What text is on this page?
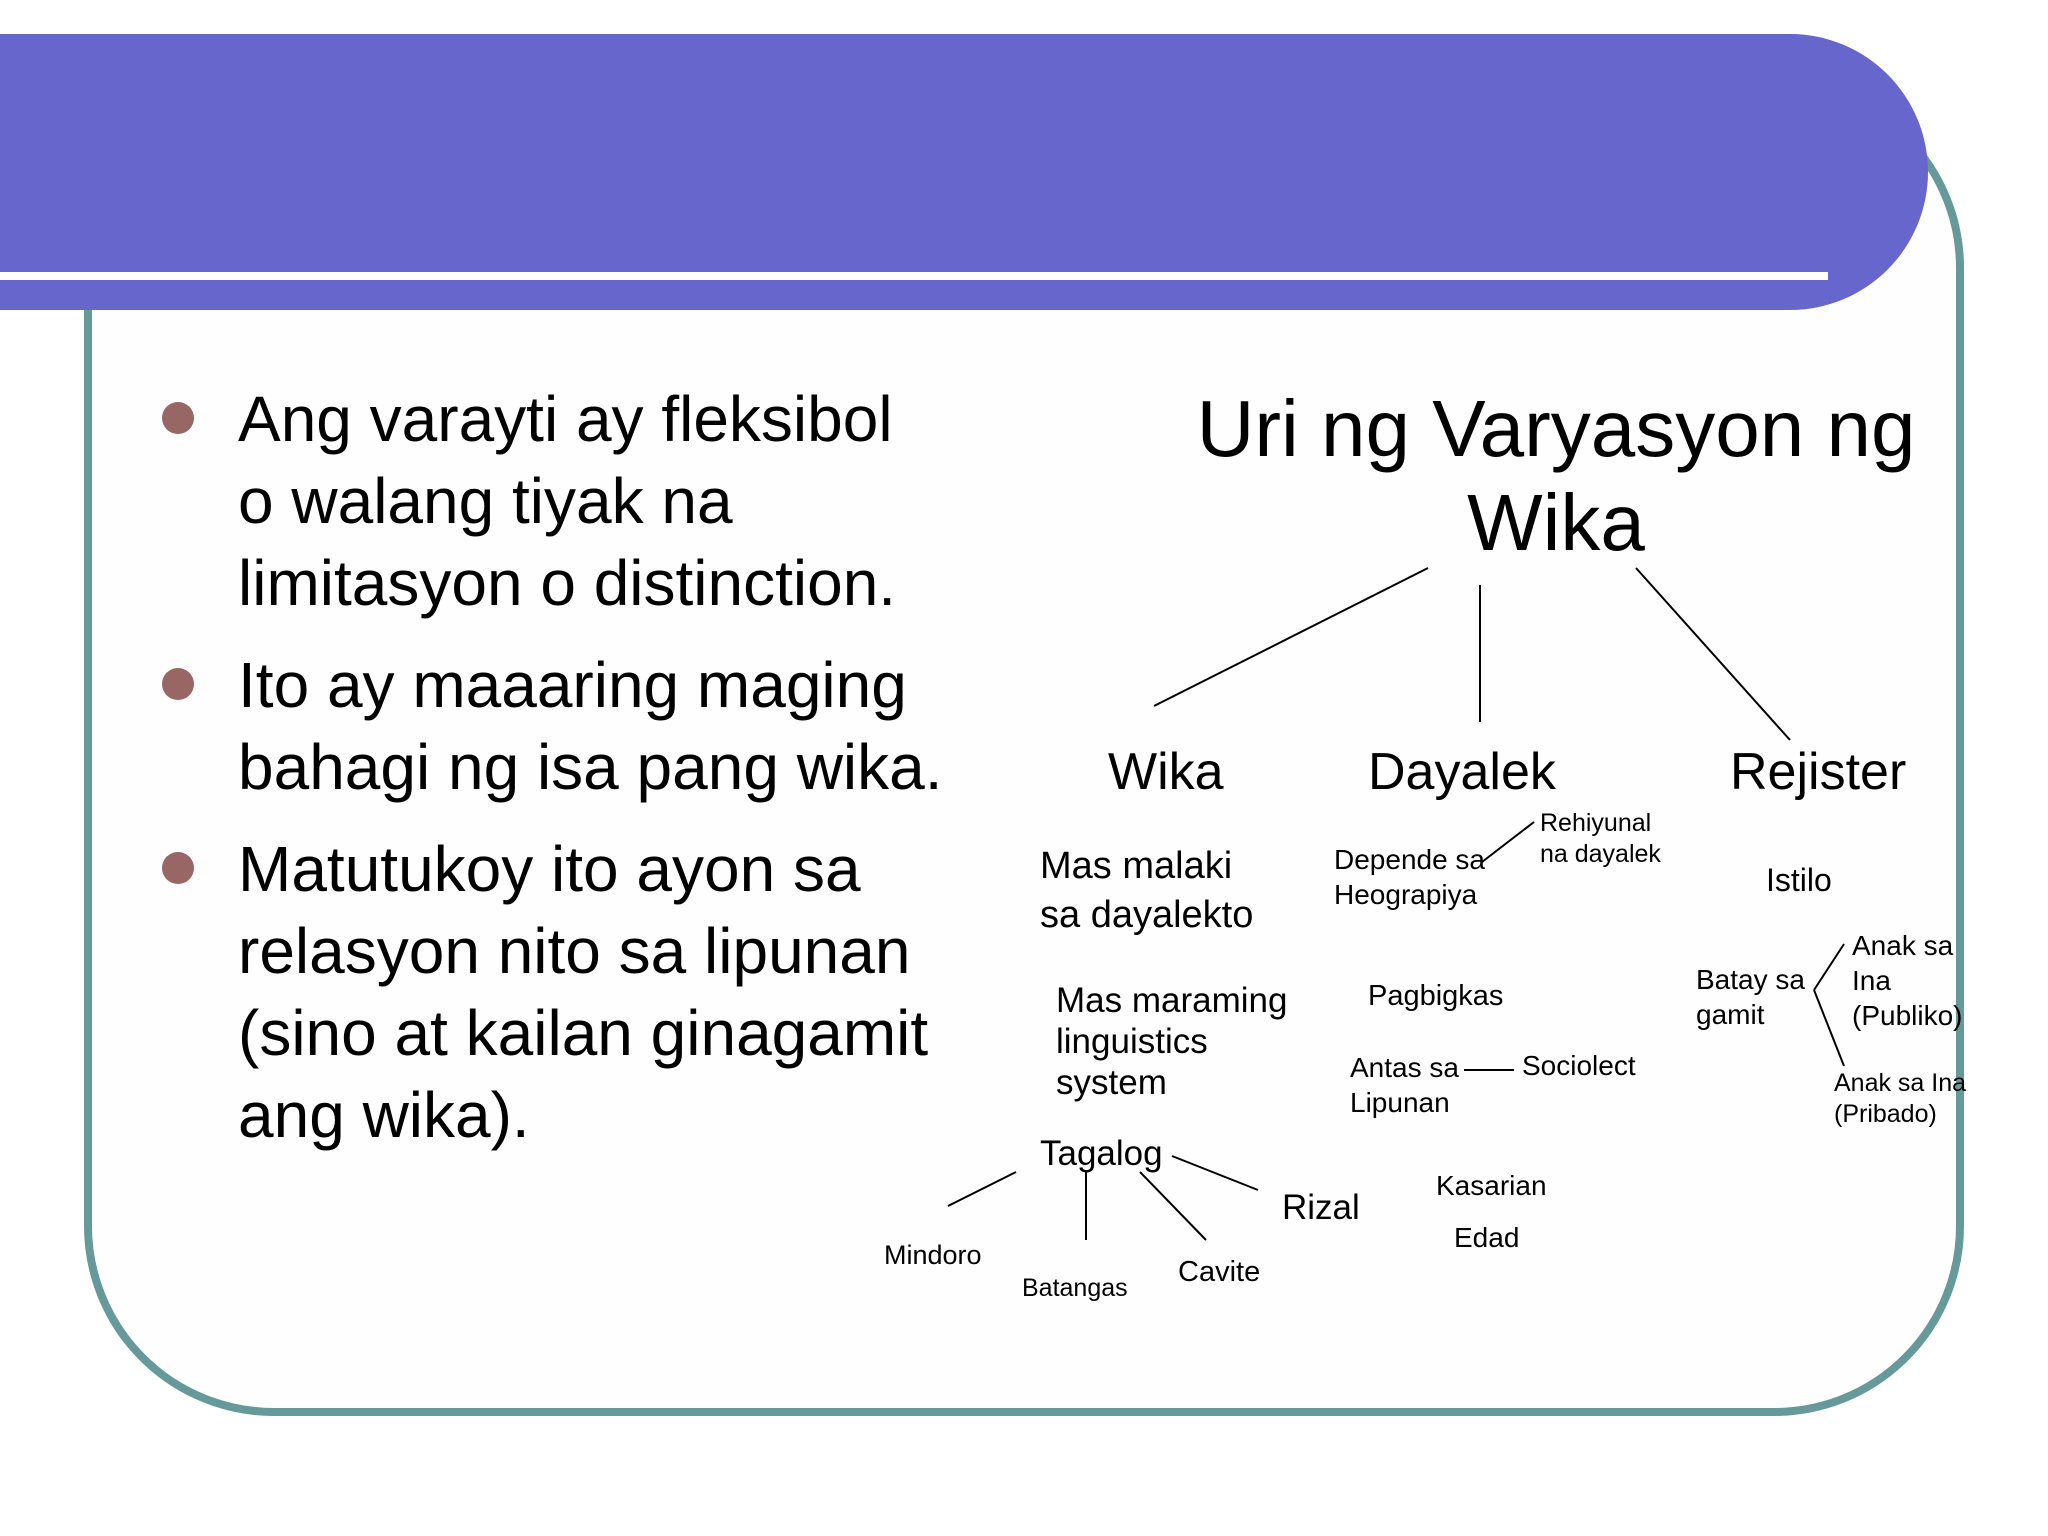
Ang varayti ay fleksibol
o walang tiyak na
limitasyon o distinction.
Ito ay maaaring maging
bahagi ng isa pang wika.
Matutukoy ito ayon sa
relasyon nito sa lipunan
(sino at kailan ginagamit
ang wika).
Uri ng Varyasyon ng
Wika
Wika	Dayalek	Rejister
Mas malaki
sa dayalekto
Mas maraming
linguistics
system
Tagalog
Mindoro
Batangas Cavite
Rizal
Depende sa
Heograpiya
Rehiyunal
na dayalek
Pagbigkas
Antas sa
Lipunan
Sociolect
Kasarian
Edad
Istilo
Batay sa
gamit
Anak sa
Ina
(Publiko)
Anak sa Ina
(Pribado)
